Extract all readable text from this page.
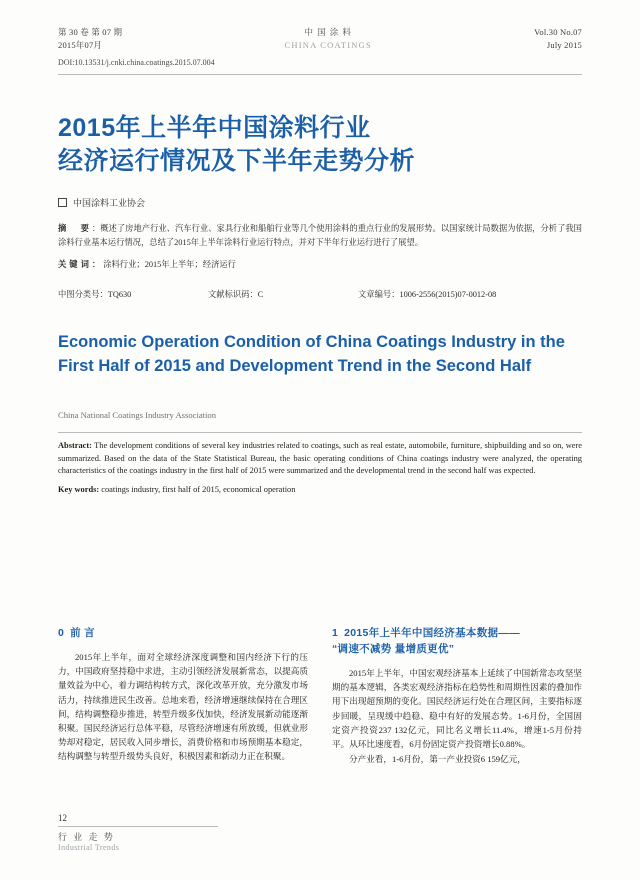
第 30 卷 第 07 期
2015年07月
中 国 涂 料
CHINA COATINGS
Vol.30 No.07
July 2015
DOI:10.13531/j.cnki.china.coatings.2015.07.004
2015年上半年中国涂料行业
经济运行情况及下半年走势分析
中国涂料工业协会
摘　要：概述了房地产行业、汽车行业、家具行业和船舶行业等几个使用涂料的重点行业的发展形势。以国家统计局数据为依据，分析了我国涂料行业基本运行情况，总结了2015年上半年涂料行业运行特点，并对下半年行业运行进行了展望。
关键词：涂料行业；2015年上半年；经济运行
中图分类号：TQ630	文献标识码：C	文章编号：1006-2556(2015)07-0012-08
Economic Operation Condition of China Coatings Industry in the First Half of 2015 and Development Trend in the Second Half
China National Coatings Industry Association
Abstract: The development conditions of several key industries related to coatings, such as real estate, automobile, furniture, shipbuilding and so on, were summarized. Based on the data of the State Statistical Bureau, the basic operating conditions of China coatings industry were analyzed, the operating characteristics of the coatings industry in the first half of 2015 were summarized and the developmental trend in the second half was expected.
Key words: coatings industry, first half of 2015, economical operation
0 前 言

2015年上半年，面对全球经济深度调整和国内经济下行的压力，中国政府坚持稳中求进，主动引领经济发展新常态，以提高质量效益为中心，着力调结构转方式，深化改革开放，充分激发市场活力，持续推进民生改善。总地来看，经济增速继续保持在合理区间，结构调整稳步推进，转型升级多伐加快，经济发展新动能逐渐积聚。国民经济运行总体平稳，尽管经济增速有所放缓，但就业形势却对稳定，居民收入同步增长，消费价格和市场预期基本稳定，结构调整与转型升级势头良好，积极因素和新动力正在积聚。

1 2015年上半年中国经济基本数据——
“调速不减势 量增质更优”

2015年上半年，中国宏观经济基本上延续了中国新常态攻坚坚期的基本逻辑，各类宏观经济指标在趋势性和周期性因素的叠加作用下出现超预期的变化。国民经济运行处在合理区间，主要指标逐步回暖，呈现缓中趋稳、稳中有好的发展态势。1-6月份，全国固定资产投资237 132亿元，同比名义增长11.4%，增速1-5月份持平。从环比速度看，6月份固定资产投资增长0.88%。

分产业看，1-6月份，第一产业投资6 159亿元，

12
行 业 走 势
Industrial Trends
